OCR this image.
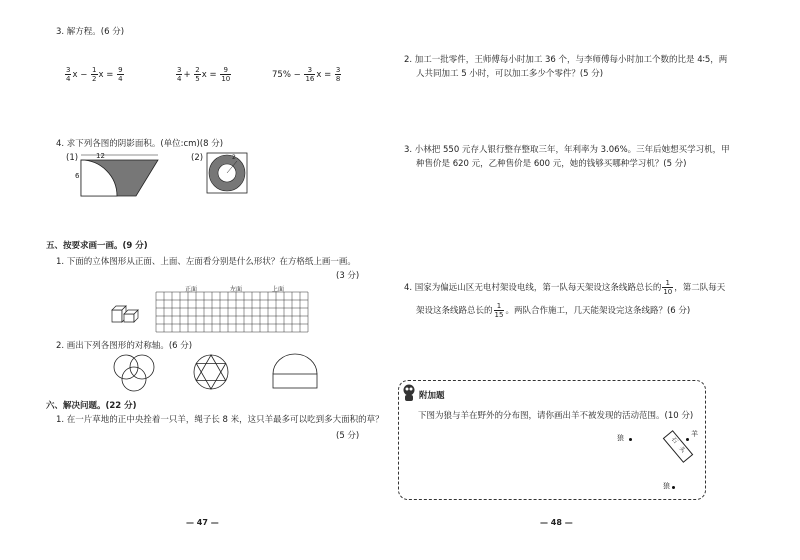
3. 解方程。(6 分)
$\frac{3}{4}$ $x - \frac{1}{2}$ $x = \frac{9}{4}$	$\frac{3}{4} + \frac{2}{5}$ $x = \frac{9}{10}$	$75\% - \frac{3}{16}$ $x = \frac{3}{8}$
4. 求下列各图的阴影面积。(单位:cm)(8 分)
(1)	(2)
12
6
2
五、按要求画一画。(9 分)
1. 下面的立体图形从正面、上面、左面看分别是什么形状？在方格纸上画一画。
(3 分)
正面	左面	上面
2. 画出下列各图形的对称轴。(6 分)
六、解决问题。(22 分)
1. 在一片草地的正中央拴着一只羊，绳子长 8 米，这只羊最多可以吃到多大面积的草？
(5 分)
— 47 —
2. 加工一批零件，王师傅每小时加工 36 个，与李师傅每小时加工个数的比是 4∶5，两
人共同加工 5 小时，可以加工多少个零件？(5 分)
3. 小林把 550 元存人银行整存整取三年，年利率为 3.06%。三年后她想买学习机，甲
种售价是 620 元，乙种售价是 600 元，她的钱够买哪种学习机？(5 分)
4. 国家为偏远山区无电村架设电线，第一队每天架设这条线路总长的 $\frac{1}{10}$ ，第二队每天
架设这条线路总长的 $\frac{1}{15}$ 。两队合作施工，几天能架设完这条线路？(6 分)
附加题
下图为狼与羊在野外的分布图，请你画出羊不被发现的活动范围。(10 分)
狼
狼
羊
石
头
— 48 —
